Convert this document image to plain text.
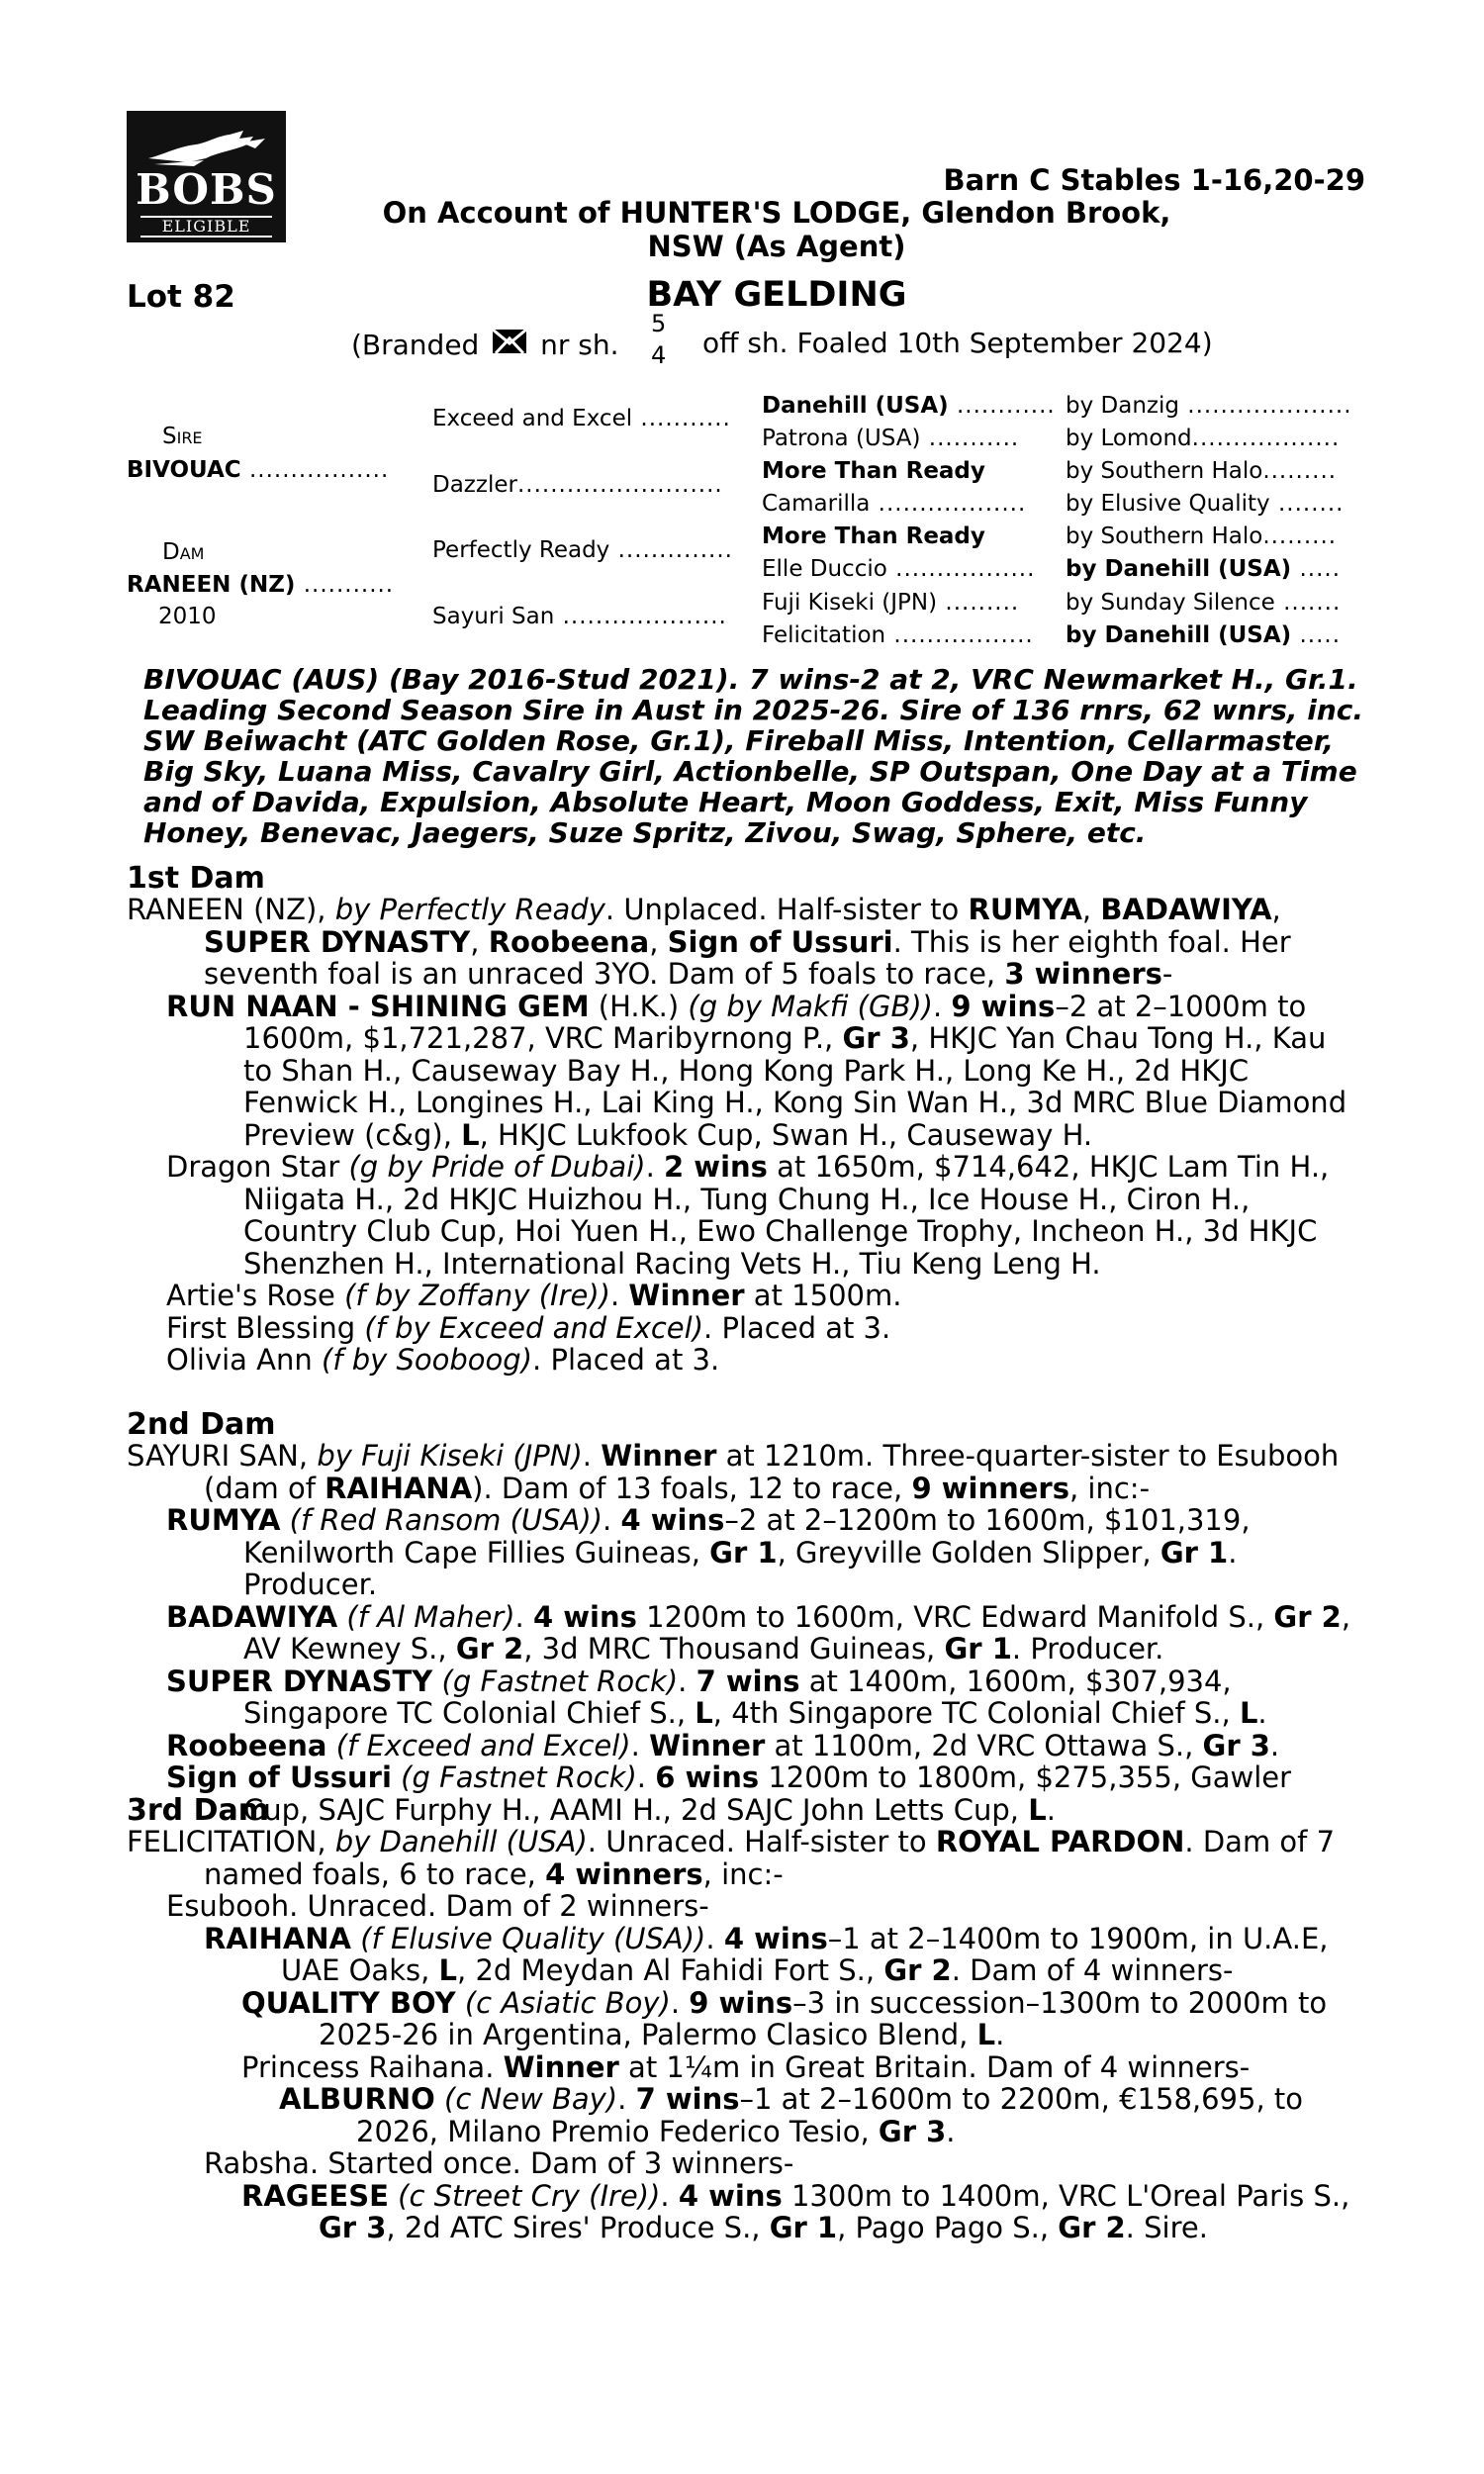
BOBS
ELIGIBLE
Barn C Stables 1-16,20-29
On Account of HUNTER'S LODGE, Glendon Brook,
NSW (As Agent)
Lot 82	BAY GELDING
(Branded nr sh.
5
4 off sh. Foaled 10th September 2024)
Sire
BIVOUAC .................
Dam
RANEEN (NZ) ...........
2010
Exceed and Excel ...........
Dazzler.........................
Perfectly Ready ..............
Sayuri San ....................
Danehill (USA) ............
Patrona (USA) ...........
More Than Ready
Camarilla ..................
More Than Ready
Elle Duccio .................
Fuji Kiseki (JPN) .........
Felicitation .................
by Danzig ....................
by Lomond..................
by Southern Halo.........
by Elusive Quality ........
by Southern Halo.........
by Danehill (USA) .....
by Sunday Silence .......
by Danehill (USA) .....
BIVOUAC (AUS) (Bay 2016-Stud 2021). 7 wins-2 at 2, VRC Newmarket H., Gr.1. Leading Second Season Sire in Aust in 2025-26. Sire of 136 rnrs, 62 wnrs, inc. SW Beiwacht (ATC Golden Rose, Gr.1), Fireball Miss, Intention, Cellarmaster, Big Sky, Luana Miss, Cavalry Girl, Actionbelle, SP Outspan, One Day at a Time and of Davida, Expulsion, Absolute Heart, Moon Goddess, Exit, Miss Funny Honey, Benevac, Jaegers, Suze Spritz, Zivou, Swag, Sphere, etc.
1st Dam
RANEEN (NZ), by Perfectly Ready. Unplaced. Half-sister to RUMYA, BADAWIYA, SUPER DYNASTY, Roobeena, Sign of Ussuri. This is her eighth foal. Her seventh foal is an unraced 3YO. Dam of 5 foals to race, 3 winners-
RUN NAAN - SHINING GEM (H.K.) (g by Makfi (GB)). 9 wins–2 at 2–1000m to 1600m, $1,721,287, VRC Maribyrnong P., Gr 3, HKJC Yan Chau Tong H., Kau to Shan H., Causeway Bay H., Hong Kong Park H., Long Ke H., 2d HKJC Fenwick H., Longines H., Lai King H., Kong Sin Wan H., 3d MRC Blue Diamond Preview (c&g), L, HKJC Lukfook Cup, Swan H., Causeway H.
Dragon Star (g by Pride of Dubai). 2 wins at 1650m, $714,642, HKJC Lam Tin H., Niigata H., 2d HKJC Huizhou H., Tung Chung H., Ice House H., Ciron H., Country Club Cup, Hoi Yuen H., Ewo Challenge Trophy, Incheon H., 3d HKJC Shenzhen H., International Racing Vets H., Tiu Keng Leng H.
Artie's Rose (f by Zoffany (Ire)). Winner at 1500m.
First Blessing (f by Exceed and Excel). Placed at 3.
Olivia Ann (f by Sooboog). Placed at 3.
2nd Dam
SAYURI SAN, by Fuji Kiseki (JPN). Winner at 1210m. Three-quarter-sister to Esubooh (dam of RAIHANA). Dam of 13 foals, 12 to race, 9 winners, inc:-
RUMYA (f Red Ransom (USA)). 4 wins–2 at 2–1200m to 1600m, $101,319, Kenilworth Cape Fillies Guineas, Gr 1, Greyville Golden Slipper, Gr 1. Producer.
BADAWIYA (f Al Maher). 4 wins 1200m to 1600m, VRC Edward Manifold S., Gr 2, AV Kewney S., Gr 2, 3d MRC Thousand Guineas, Gr 1. Producer.
SUPER DYNASTY (g Fastnet Rock). 7 wins at 1400m, 1600m, $307,934, Singapore TC Colonial Chief S., L, 4th Singapore TC Colonial Chief S., L.
Roobeena (f Exceed and Excel). Winner at 1100m, 2d VRC Ottawa S., Gr 3.
Sign of Ussuri (g Fastnet Rock). 6 wins 1200m to 1800m, $275,355, Gawler Cup, SAJC Furphy H., AAMI H., 2d SAJC John Letts Cup, L.
3rd Dam
FELICITATION, by Danehill (USA). Unraced. Half-sister to ROYAL PARDON. Dam of 7 named foals, 6 to race, 4 winners, inc:-
Esubooh. Unraced. Dam of 2 winners-
RAIHANA (f Elusive Quality (USA)). 4 wins–1 at 2–1400m to 1900m, in U.A.E, UAE Oaks, L, 2d Meydan Al Fahidi Fort S., Gr 2. Dam of 4 winners-
QUALITY BOY (c Asiatic Boy). 9 wins–3 in succession–1300m to 2000m to 2025-26 in Argentina, Palermo Clasico Blend, L.
Princess Raihana. Winner at 1¼m in Great Britain. Dam of 4 winners-
ALBURNO (c New Bay). 7 wins–1 at 2–1600m to 2200m, €158,695, to 2026, Milano Premio Federico Tesio, Gr 3.
Rabsha. Started once. Dam of 3 winners-
RAGEESE (c Street Cry (Ire)). 4 wins 1300m to 1400m, VRC L'Oreal Paris S., Gr 3, 2d ATC Sires' Produce S., Gr 1, Pago Pago S., Gr 2. Sire.
